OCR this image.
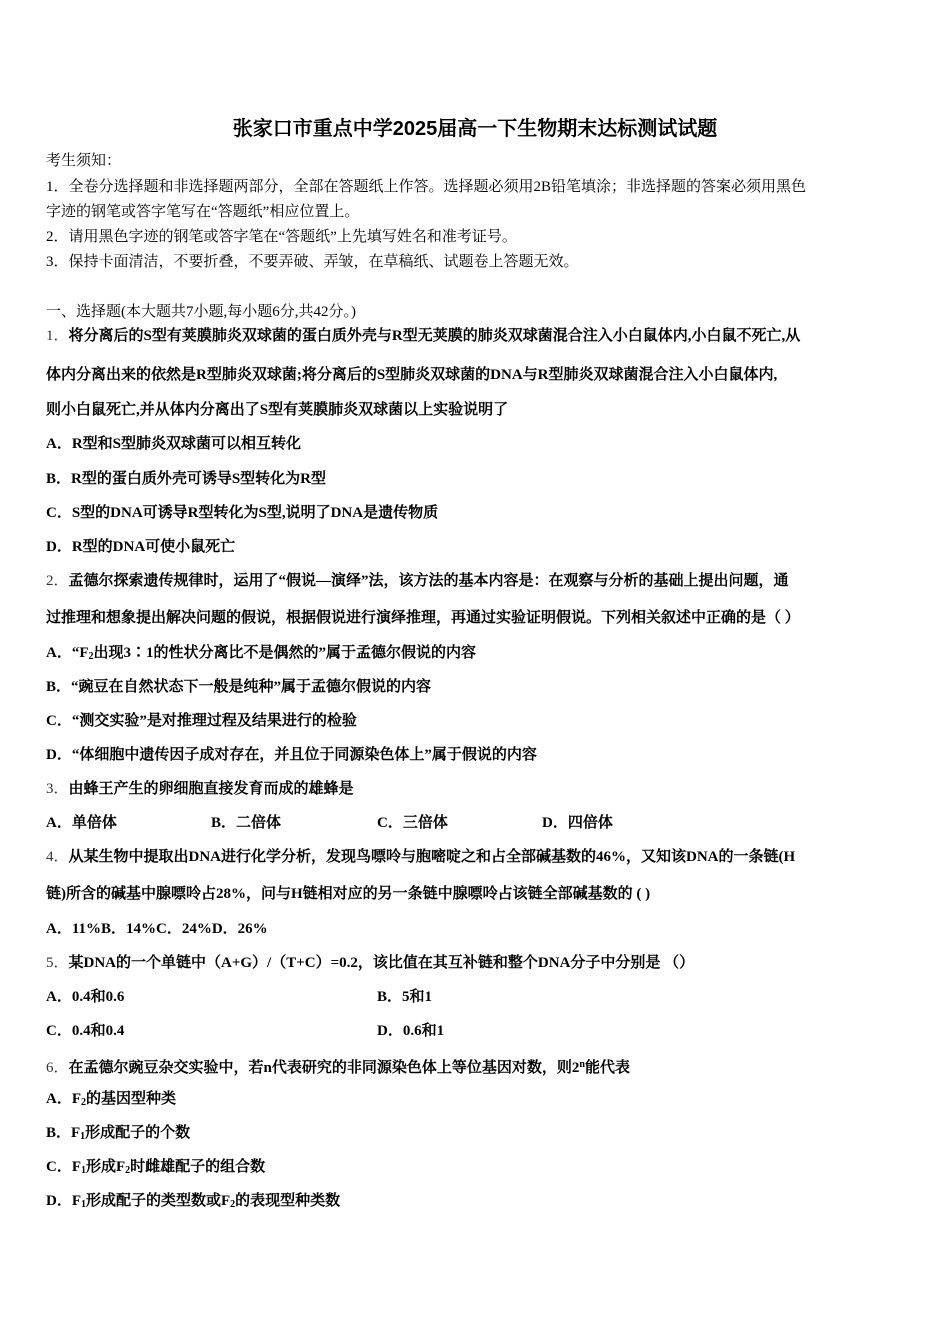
张家口市重点中学2025届高一下生物期末达标测试试题
考生须知：
1．全卷分选择题和非选择题两部分，全部在答题纸上作答。选择题必须用2B铅笔填涂；非选择题的答案必须用黑色
字迹的钢笔或答字笔写在“答题纸”相应位置上。
2．请用黑色字迹的钢笔或答字笔在“答题纸”上先填写姓名和准考证号。
3．保持卡面清洁，不要折叠，不要弄破、弄皱，在草稿纸、试题卷上答题无效。
一、选择题(本大题共7小题,每小题6分,共42分。)
1．将分离后的S型有荚膜肺炎双球菌的蛋白质外壳与R型无荚膜的肺炎双球菌混合注入小白鼠体内,小白鼠不死亡,从
体内分离出来的依然是R型肺炎双球菌;将分离后的S型肺炎双球菌的DNA与R型肺炎双球菌混合注入小白鼠体内,
则小白鼠死亡,并从体内分离出了S型有荚膜肺炎双球菌以上实验说明了
A．R型和S型肺炎双球菌可以相互转化
B．R型的蛋白质外壳可诱导S型转化为R型
C．S型的DNA可诱导R型转化为S型,说明了DNA是遗传物质
D．R型的DNA可使小鼠死亡
2．孟德尔探索遗传规律时，运用了“假说—演绎”法，该方法的基本内容是：在观察与分析的基础上提出问题，通
过推理和想象提出解决问题的假说，根据假说进行演绎推理，再通过实验证明假说。下列相关叙述中正确的是（ ）
A．“$F_2$出现3∶1的性状分离比不是偶然的”属于孟德尔假说的内容
B．“豌豆在自然状态下一般是纯种”属于孟德尔假说的内容
C．“测交实验”是对推理过程及结果进行的检验
D．“体细胞中遗传因子成对存在，并且位于同源染色体上”属于假说的内容
3．由蜂王产生的卵细胞直接发育而成的雄蜂是
A．单倍体	B．二倍体	C．三倍体	D．四倍体
4．从某生物中提取出DNA进行化学分析，发现鸟嘌呤与胞嘧啶之和占全部碱基数的46%，又知该DNA的一条链(H
链)所含的碱基中腺嘌呤占28%，问与H链相对应的另一条链中腺嘌呤占该链全部碱基数的 ( )
A．11%B．14%C．24%D．26%
5．某DNA的一个单链中（A+G）/（T+C）=0.2，该比值在其互补链和整个DNA分子中分别是 （）
A．0.4和0.6	B．5和1
C．0.4和0.4	D．0.6和1
6．在孟德尔豌豆杂交实验中，若n代表研究的非同源染色体上等位基因对数，则2$^n$能代表
A．$F_2$的基因型种类
B．$F_1$形成配子的个数
C．$F_1$形成$F_2$时雌雄配子的组合数
D．$F_1$形成配子的类型数或$F_2$的表现型种类数
